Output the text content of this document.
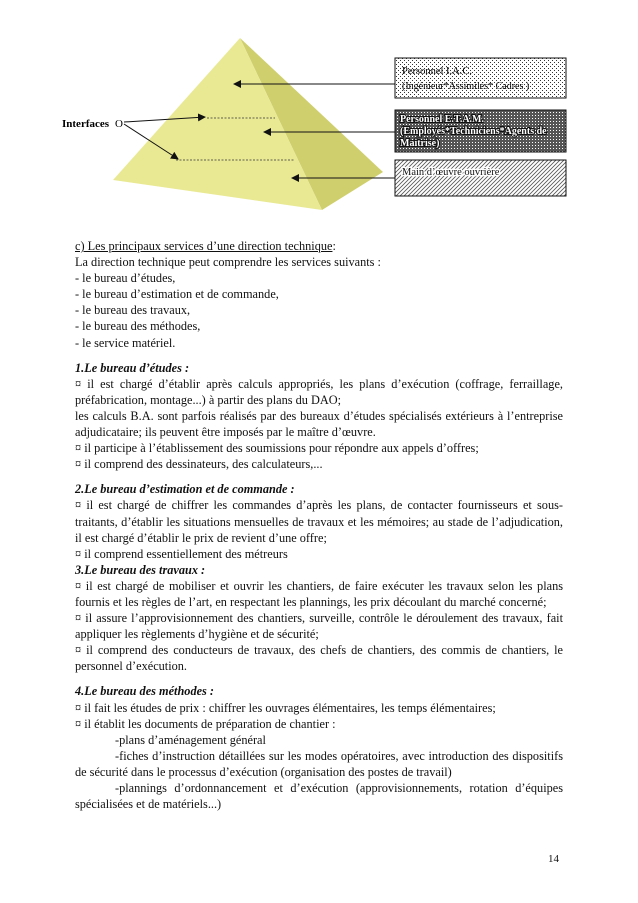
Interfaces O
Personnel I.A.C.
(Ingénieur*Assimilés* Cadres )
Personnel E.T.A.M.
(Employés*Techniciens*Agents de
Maitrise)
Main d’œuvre ouvrière

c) Les principaux services d’une direction technique:

La direction technique peut comprendre les services suivants :

- le bureau d’études,

- le bureau d’estimation et de commande,

- le bureau des travaux,

- le bureau des méthodes,

- le service matériel.

1.Le bureau d’études :

¤ il est chargé d’établir après calculs appropriés, les plans d’exécution (coffrage, ferraillage, préfabrication, montage...) à partir des plans du DAO;

les calculs B.A. sont parfois réalisés par des bureaux d’études spécialisés extérieurs à l’entreprise adjudicataire; ils peuvent être imposés par le maître d’œuvre.

¤ il participe à l’établissement des soumissions pour répondre aux appels d’offres;

¤ il comprend des dessinateurs, des calculateurs,...

2.Le bureau d’estimation et de commande :

¤ il est chargé de chiffrer les commandes d’après les plans, de contacter fournisseurs et sous-traitants, d’établir les situations mensuelles de travaux et les mémoires; au stade de l’adjudication, il est chargé d’établir le prix de revient d’une offre;

¤ il comprend essentiellement des métreurs

3.Le bureau des travaux :

¤ il est chargé de mobiliser et ouvrir les chantiers, de faire exécuter les travaux selon les plans fournis et les règles de l’art, en respectant les plannings, les prix découlant du marché concerné;

¤ il assure l’approvisionnement des chantiers, surveille, contrôle le déroulement des travaux, fait appliquer les règlements d’hygiène et de sécurité;

¤ il comprend des conducteurs de travaux, des chefs de chantiers, des commis de chantiers, le personnel d’exécution.

4.Le bureau des méthodes :

¤ il fait les études de prix : chiffrer les ouvrages élémentaires, les temps élémentaires;

¤ il établit les documents de préparation de chantier :

-plans d’aménagement général

-fiches d’instruction détaillées sur les modes opératoires, avec introduction des dispositifs de sécurité dans le processus d’exécution (organisation des postes de travail)

-plannings d’ordonnancement et d’exécution (approvisionnements, rotation d’équipes spécialisées et de matériels...)

14
